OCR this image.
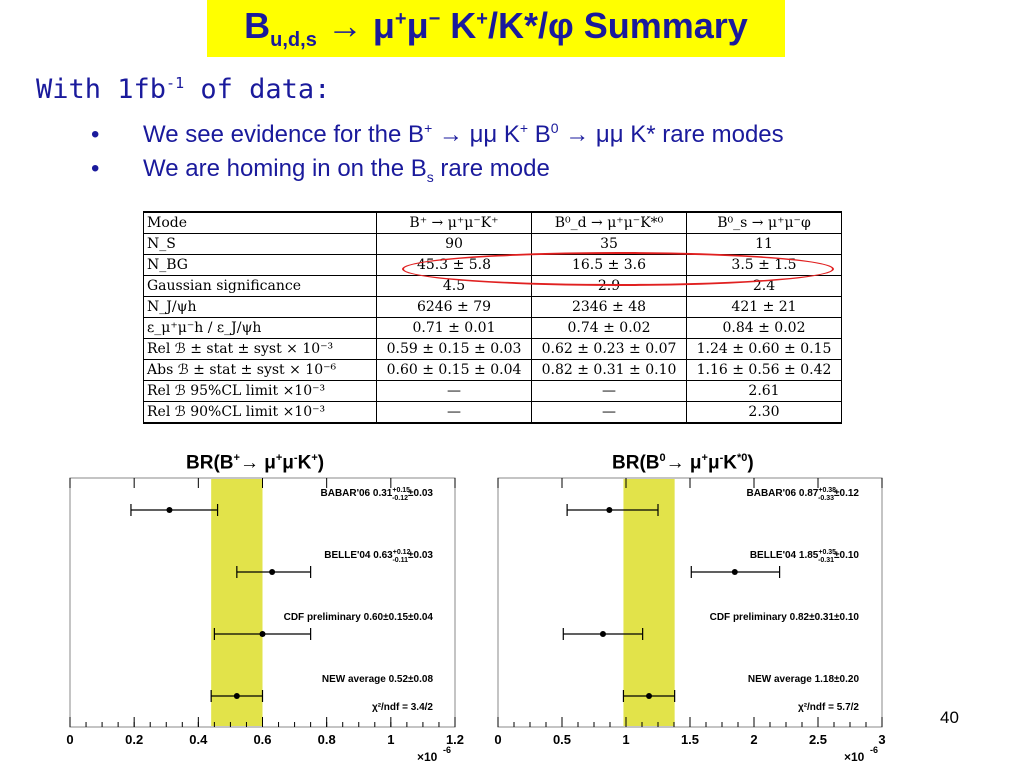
$B_{u,d,s} \to \mu^+\mu^-$ K+/K*/φ Summary
With $1fb^{-1}$ of data:
• We see evidence for the B+ → μμ K+ $B^0 \to \mu\mu$ K* rare modes
• We are homing in on the $B_s$ rare mode
Mode	B⁺ → μ⁺μ⁻K⁺	B⁰_d → μ⁺μ⁻K*⁰	B⁰_s → μ⁺μ⁻φ
N_S	90	35	11
N_BG	45.3 ± 5.8	16.5 ± 3.6	3.5 ± 1.5
Gaussian significance	4.5	2.9	2.4
N_J/ψh	6246 ± 79	2346 ± 48	421 ± 21
ε_μ⁺μ⁻h / ε_J/ψh	0.71 ± 0.01	0.74 ± 0.02	0.84 ± 0.02
Rel ℬ ± stat ± syst × 10⁻³	0.59 ± 0.15 ± 0.03	0.62 ± 0.23 ± 0.07	1.24 ± 0.60 ± 0.15
Abs ℬ ± stat ± syst × 10⁻⁶	0.60 ± 0.15 ± 0.04	0.82 ± 0.31 ± 0.10	1.16 ± 0.56 ± 0.42
Rel ℬ 95%CL limit ×10⁻³	—	—	2.61
Rel ℬ 90%CL limit ×10⁻³	—	—	2.30
BR(B+→ μ+μ-K+)	$BR(B^0\to \mu^+\mu^-K^{*0})$
0	0.2	0.4	0.6	0.8	1	1.2
×10 -6
BABAR'06 $0.31^{+0.15}$ -0.12±0.03
BELLE'04 $0.63^{+0.12}$ -0.11±0.03
CDF preliminary 0.60±0.15±0.04
NEW average 0.52±0.08
χ²/ndf = 3.4/2
0	0.5	1	1.5	2	2.5	3
×10 -6
BABAR'06 $0.87^{+0.38}$ -0.33±0.12
BELLE'04 $1.85^{+0.35}$ -0.31±0.10
CDF preliminary 0.82±0.31±0.10
NEW average 1.18±0.20
χ²/ndf = 5.7/2
40
